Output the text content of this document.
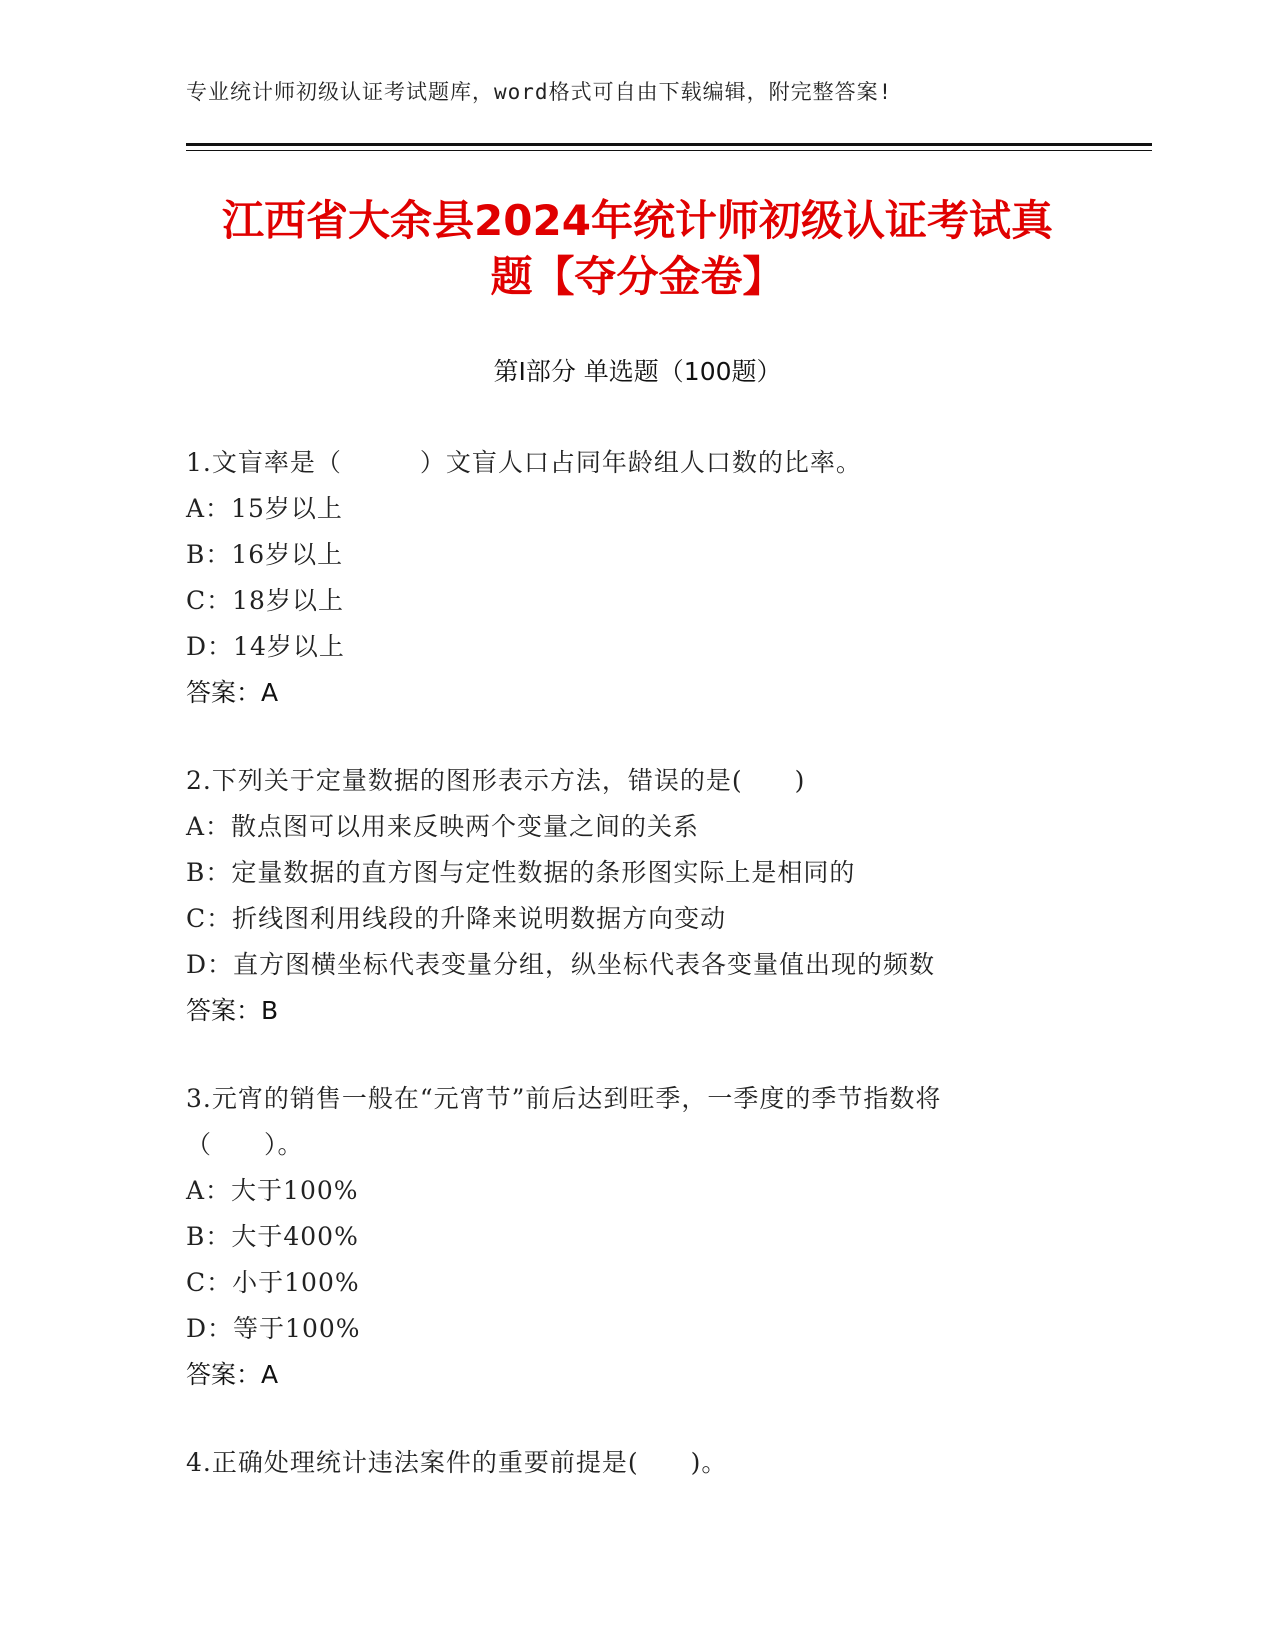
专业统计师初级认证考试题库，word格式可自由下载编辑，附完整答案!
江西省大余县2024年统计师初级认证考试真
题【夺分金卷】
第Ⅰ部分 单选题（100题）
1.文盲率是（　　　）文盲人口占同年龄组人口数的比率。
A：15岁以上
B：16岁以上
C：18岁以上
D：14岁以上
答案：A
2.下列关于定量数据的图形表示方法，错误的是(　　)
A：散点图可以用来反映两个变量之间的关系
B：定量数据的直方图与定性数据的条形图实际上是相同的
C：折线图利用线段的升降来说明数据方向变动
D：直方图横坐标代表变量分组，纵坐标代表各变量值出现的频数
答案：B
3.元宵的销售一般在“元宵节”前后达到旺季，一季度的季节指数将
（　　）。
A：大于100%
B：大于400%
C：小于100%
D：等于100%
答案：A
4.正确处理统计违法案件的重要前提是(　　)。
